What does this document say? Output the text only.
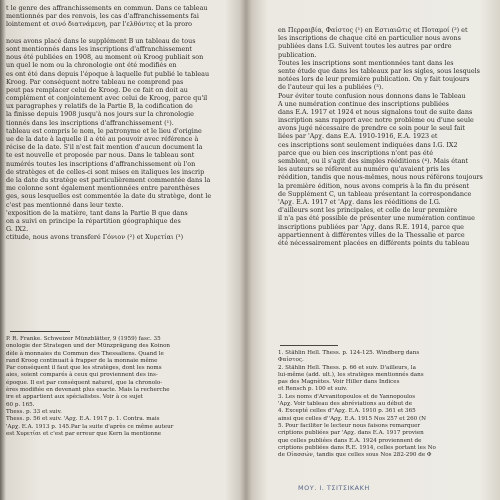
t le genre des affranchissements en commun. Dans ce tableau
mentionnés par des renvois, les cas d'affranchissements fai
lointement et σινό διατνάμενη, par l'ελθόντες et la proro
nous avons placé dans le supplément B un tableau de tous
sont mentionnés dans les inscriptions d'affranchissement
nous été publiées en 1908, au moment où Kroog publiait son
un quel le nom ou la chronologie ont été modifiés en
es ont été dans depuis l'époque à laquelle fut publié le tableau
Kroog. Par conséquent notre tableau ne comprend pas
peut pas remplacer celui de Kroog. De ce fait on doit au
complément et conjointement avec celui de Kroog, parce qu'il
ux paragraphes y relatifs de la Partie B, la codification de
la finisse depuis 1908 jusqu'à nos jours sur la chronologie
tionnés dans les inscriptions d'affranchissement (¹).
tableau est compris le nom, le patronyme et le lieu d'origine
ue de la date à laquelle il a été au pouvoir avec référence à
récise de la date. S'il n'est fait mention d'aucun document la
te est nouvelle et proposée par nous. Dans le tableau sont
numérés toutes les inscriptions d'affranchissement où l'on
de stratèges et de celles-ci sont mises en italiques les inscrip
de la date du stratège est particulièrement commentée dans la
me colonne sont également mentionnées entre parenthèses
ges, sous lesquelles est commentée la date du stratège, dont le
c'est pas mentionné dans leur texte.
'exposition de la matière, tant dans la Partie B que dans
on a suivi en principe la répartition géographique des
G. IX2.
ctitude, nous avons transferé Γόνιον (²) et Χυρετίαι (³)
P. R. Franke. Schweizer Münzblätter, 9 (1959) fasc. 35
onologie der Strategen und der Münzprägung des Koinon
dèle à monnaies du Commun des Thessaliens. Quand le
rand Kroog continuait à frapper de la monnaie même
Par conséquent il faut que les stratèges, dont les noms
aies, soient comparés à ceux qui proviennent des ins-
époque. Il est par conséquent naturel, que la chronolo-
ères modifiée en devenant plus exacte. Mais la recherche
ire et appartient aux spécialistes. Voir à ce sujet
60 p. 165.
Thess. p. 33 et suiv.
Thess. p. 56 et suiv. 'Αρχ. Ε.Α. 1917 p. 1. Contra. mais
'Αρχ. Ε.Α. 1913 p. 145.Par la suite d'après ce même auteur
est Χυρετίαι et c'est par erreur que Kern la mentionne
en Περραιβία, Φαίστος (¹) en Εστιαιῶτις et Ποταμοί (²) et
les inscriptions de chaque cité en particulier nous avons
publiées dans I.G. Suivent toutes les autres par ordre
publication.
Toutes les inscriptions sont mentionnées tant dans les
sente étude que dans les tableaux par les sigles, sous lesquels
notées lors de leur première publication. On y fait toujours
de l'auteur qui les a publiées (³).
Pour éviter toute confusion nous donnons dans le Tableau
A une numération continue des inscriptions publiées
dans E.A. 1917 et 1924 et nous signalons tout de suite dans
inscription sans rapport avec notre problème ou d'une seule
avons jugé nécessaire de prendre ce soin pour le seul fait
liées par 'Αρχ. dans E.A. 1910-1916, E.A. 1923 et
ces inscriptions sont seulement indiquées dans I.G. IX2
parce que ou bien ces inscriptions n'ont pas été
semblent, ou il s'agit des simples rééditions (⁴). Mais étant
les auteurs se réfèrent au numéro qu'avaient pris les
réédition, tandis que nous-mêmes, nous nous référons toujours
la première édition, nous avons compris à la fin du présent
de Supplément C, un tableau présentant la correspondance
'Αρχ. Ε.Α. 1917 et 'Αρχ. dans les rééditions de I.G.
d'ailleurs sont les principales, et celle de leur première
il n'a pas été possible de présenter une numération continue
inscriptions publiées par 'Αρχ. dans R.E. 1914, parce que
appartiennent à différentes villes de la Thessalie et parce
été nécessairement placées en différents points du tableau
1. Stählin Hell. Thess. p. 124-125. Windberg dans
Φαίστος.
2. Stählin Hell. Thess. p. 66 et suiv. D'ailleurs, la
lui-même (add. ult.), les stratèges mentionnés dans
pas des Magnètes. Voir Hiller dans Indices
et Rensch p. 100 et suiv.
3. Les noms d'Arvanitopoulos et de Yannopoulos
'Αρχ. Voir tableau des abréviations au début de
4. Excepté celles d''Αρχ. E.A. 1910 p. 361 et 365
ainsi que celles d''Αρχ. E.A. 1915 Nos 257 et 260 (Ν
5. Pour faciliter le lecteur nous faisons remarquer
criptions publiées par 'Αρχ. dans E.A. 1917 provien
que celles publiées dans E.A. 1924 proviennent de
criptions publiées dans R.E. 1914, celles portant les No
de Οἰασσών, tandis que celles sous Nos 282-290 de Φ
ΜΟΥ. Ι. ΤΣΙΤΣΙΚΑΚΗ
